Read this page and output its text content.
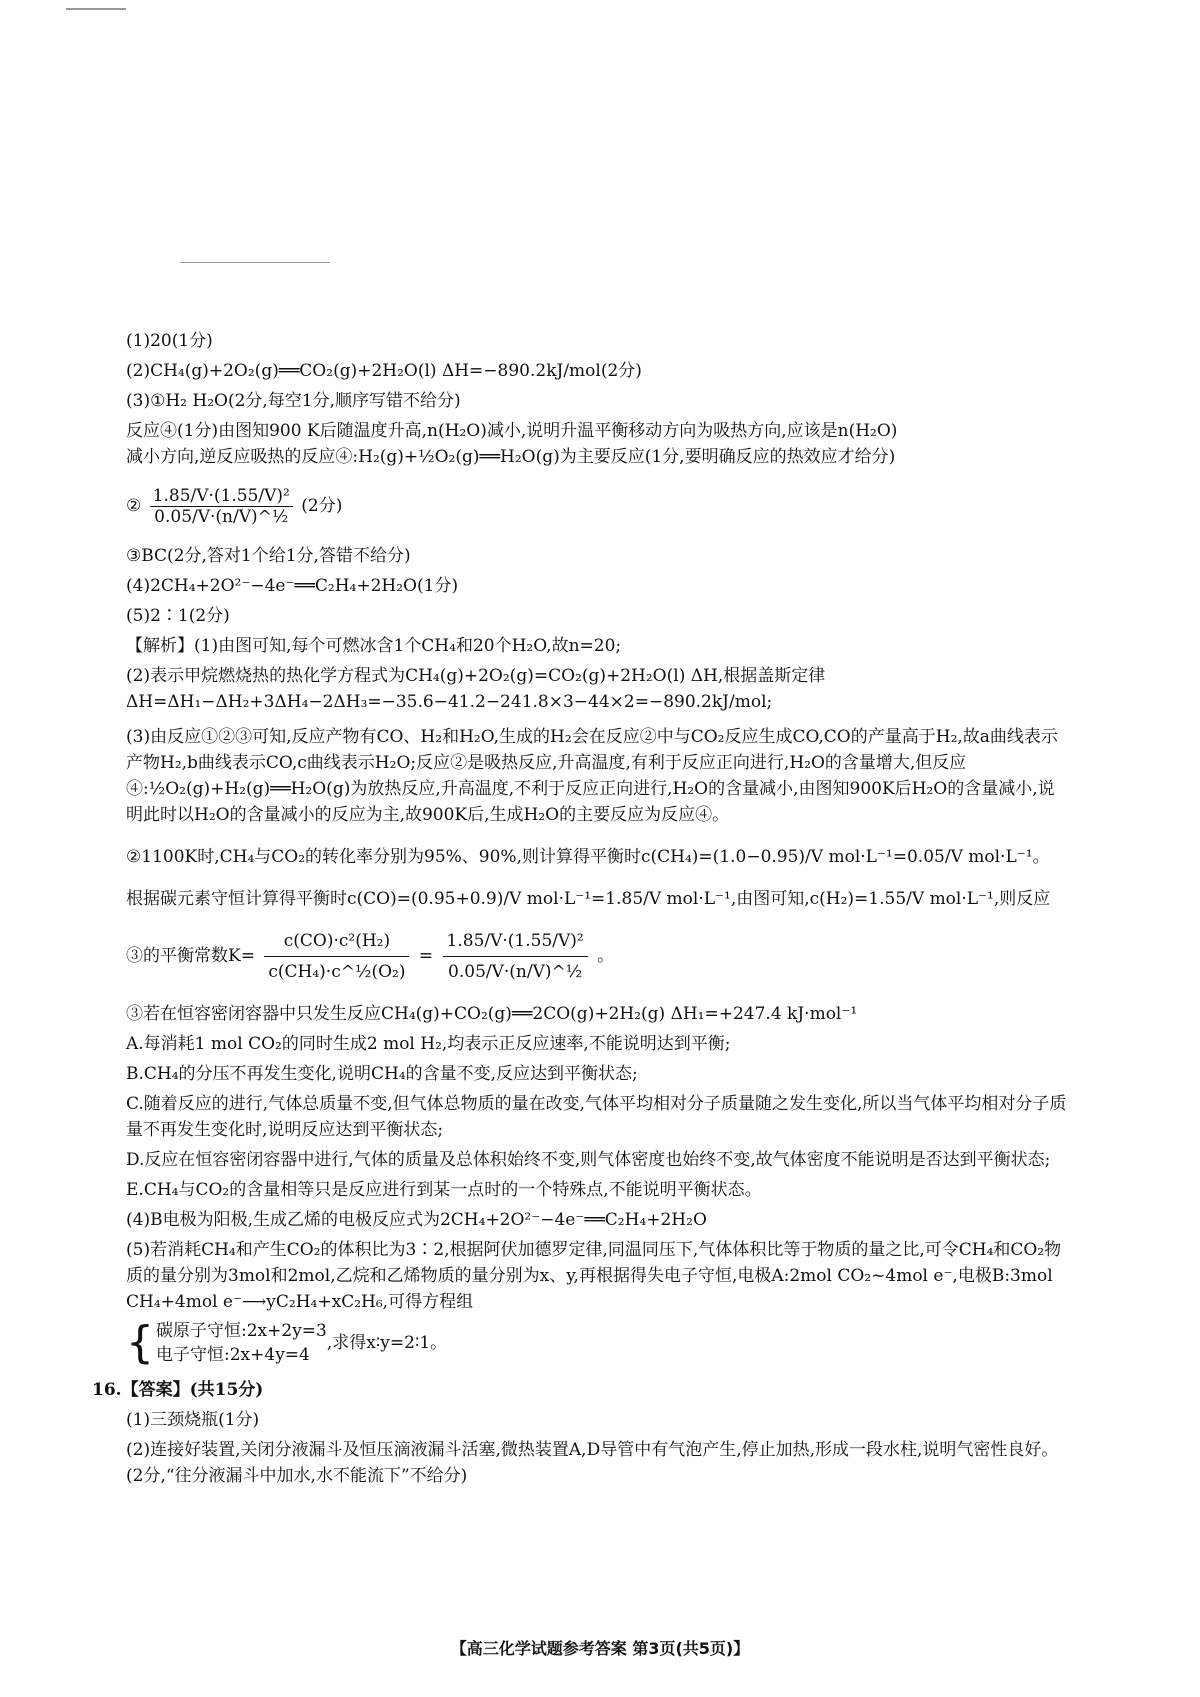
(1)20(1分)

(2)CH₄(g)+2O₂(g)══CO₂(g)+2H₂O(l) ΔH=−890.2kJ/mol(2分)

(3)①H₂ H₂O(2分,每空1分,顺序写错不给分)

反应④(1分)由图知900 K后随温度升高,n(H₂O)减小,说明升温平衡移动方向为吸热方向,应该是n(H₂O)
减小方向,逆反应吸热的反应④:H₂(g)+½O₂(g)══H₂O(g)为主要反应(1分,要明确反应的热效应才给分)

② $\frac{\text{1.85/V·(1.55/V)²}}{\text{0.05/V·(n/V)\textasciicircum{}½}} (2$分)

③BC(2分,答对1个给1分,答错不给分)

(4)2CH₄+2O²⁻−4e⁻══C₂H₄+2H₂O(1分)

(5)2∶1(2分)

【解析】(1)由图可知,每个可燃冰含1个CH₄和20个H₂O,故n=20;

(2)表示甲烷燃烧热的热化学方程式为CH₄(g)+2O₂(g)=CO₂(g)+2H₂O(l) ΔH,根据盖斯定律ΔH=ΔH₁−ΔH₂+3ΔH₄−2ΔH₃=−35.6−41.2−241.8×3−44×2=−890.2kJ/mol;

(3)由反应①②③可知,反应产物有CO、H₂和H₂O,生成的H₂会在反应②中与CO₂反应生成CO,CO的产量高于H₂,故a曲线表示产物H₂,b曲线表示CO,c曲线表示H₂O;反应②是吸热反应,升高温度,有利于反应正向进行,H₂O的含量增大,但反应④:½O₂(g)+H₂(g)══H₂O(g)为放热反应,升高温度,不利于反应正向进行,H₂O的含量减小,由图知900K后H₂O的含量减小,说明此时以H₂O的含量减小的反应为主,故900K后,生成H₂O的主要反应为反应④。

②1100K时,CH₄与CO₂的转化率分别为95%、90%,则计算得平衡时c(CH₄)=(1.0−0.95)/V mol·L⁻¹=0.05/V mol·L⁻¹。

根据碳元素守恒计算得平衡时c(CO)=(0.95+0.9)/V mol·L⁻¹=1.85/V mol·L⁻¹,由图可知,c(H₂)=1.55/V mol·L⁻¹,则反应

③的平衡常数$K= \frac{\text{c(CO)·c²(H₂)}}{\text{c(CH₄)·c\textasciicircum{}½(O₂)}} = \frac{\text{1.85/V·(1.55/V)²}}{\text{0.05/V·(n/V)\textasciicircum{}½}}$ 。

③若在恒容密闭容器中只发生反应CH₄(g)+CO₂(g)══2CO(g)+2H₂(g) ΔH₁=+247.4 kJ·mol⁻¹

A.每消耗1 mol CO₂的同时生成2 mol H₂,均表示正反应速率,不能说明达到平衡;

B.CH₄的分压不再发生变化,说明CH₄的含量不变,反应达到平衡状态;

C.随着反应的进行,气体总质量不变,但气体总物质的量在改变,气体平均相对分子质量随之发生变化,所以当气体平均相对分子质量不再发生变化时,说明反应达到平衡状态;

D.反应在恒容密闭容器中进行,气体的质量及总体积始终不变,则气体密度也始终不变,故气体密度不能说明是否达到平衡状态;

E.CH₄与CO₂的含量相等只是反应进行到某一点时的一个特殊点,不能说明平衡状态。

(4)B电极为阳极,生成乙烯的电极反应式为2CH₄+2O²⁻−4e⁻══C₂H₄+2H₂O

(5)若消耗CH₄和产生CO₂的体积比为3∶2,根据阿伏加德罗定律,同温同压下,气体体积比等于物质的量之比,可令CH₄和CO₂物质的量分别为3mol和2mol,乙烷和乙烯物质的量分别为x、y,再根据得失电子守恒,电极A:2mol CO₂~4mol e⁻,电极B:3mol CH₄+4mol e⁻⟶yC₂H₄+xC₂H₆,可得方程组

{ 碳原子守恒:2x+2y=3

电子守恒:2x+4y=4

,求得x∶y=2∶1。

16.【答案】(共15分)

(1)三颈烧瓶(1分)

(2)连接好装置,关闭分液漏斗及恒压滴液漏斗活塞,微热装置A,D导管中有气泡产生,停止加热,形成一段水柱,说明气密性良好。(2分,“往分液漏斗中加水,水不能流下”不给分)

【高三化学试题参考答案 第3页(共5页)】
